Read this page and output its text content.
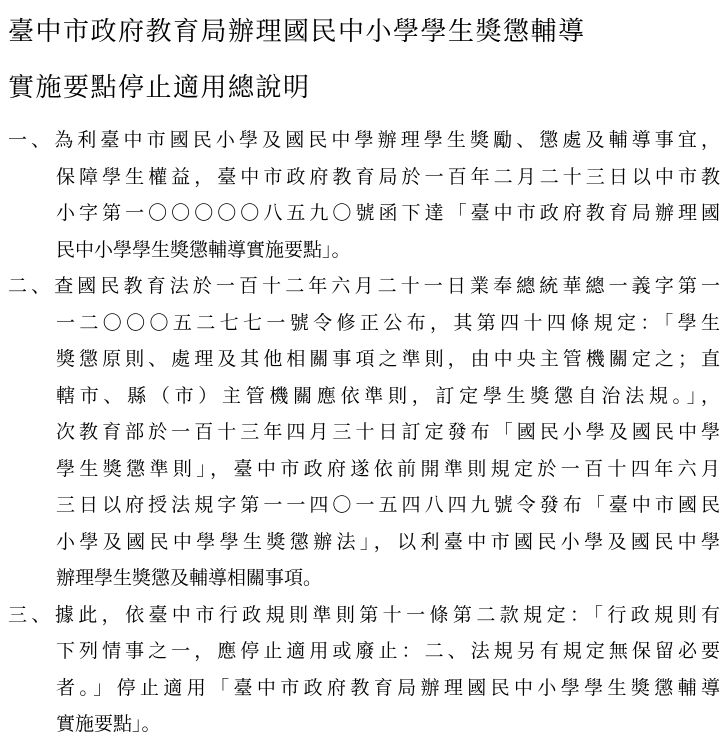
臺中市政府教育局辦理國民中小學學生獎懲輔導
實施要點停止適用總說明
一、為利臺中市國民小學及國民中學辦理學生獎勵、懲處及輔導事宜，
保障學生權益，臺中市政府教育局於一百年二月二十三日以中市教
小字第一〇〇〇〇〇八五九〇號函下達「臺中市政府教育局辦理國
民中小學學生獎懲輔導實施要點」。
二、查國民教育法於一百十二年六月二十一日業奉總統華總一義字第一
一二〇〇〇五二七七一號令修正公布，其第四十四條規定：「學生
獎懲原則、處理及其他相關事項之準則，由中央主管機關定之；直
轄市、縣（市）主管機關應依準則，訂定學生獎懲自治法規。」，
次教育部於一百十三年四月三十日訂定發布「國民小學及國民中學
學生獎懲準則」，臺中市政府遂依前開準則規定於一百十四年六月
三日以府授法規字第一一四〇一五四八四九號令發布「臺中市國民
小學及國民中學學生獎懲辦法」，以利臺中市國民小學及國民中學
辦理學生獎懲及輔導相關事項。
三、據此，依臺中市行政規則準則第十一條第二款規定：「行政規則有
下列情事之一，應停止適用或廢止：二、法規另有規定無保留必要
者。」停止適用「臺中市政府教育局辦理國民中小學學生獎懲輔導
實施要點」。
